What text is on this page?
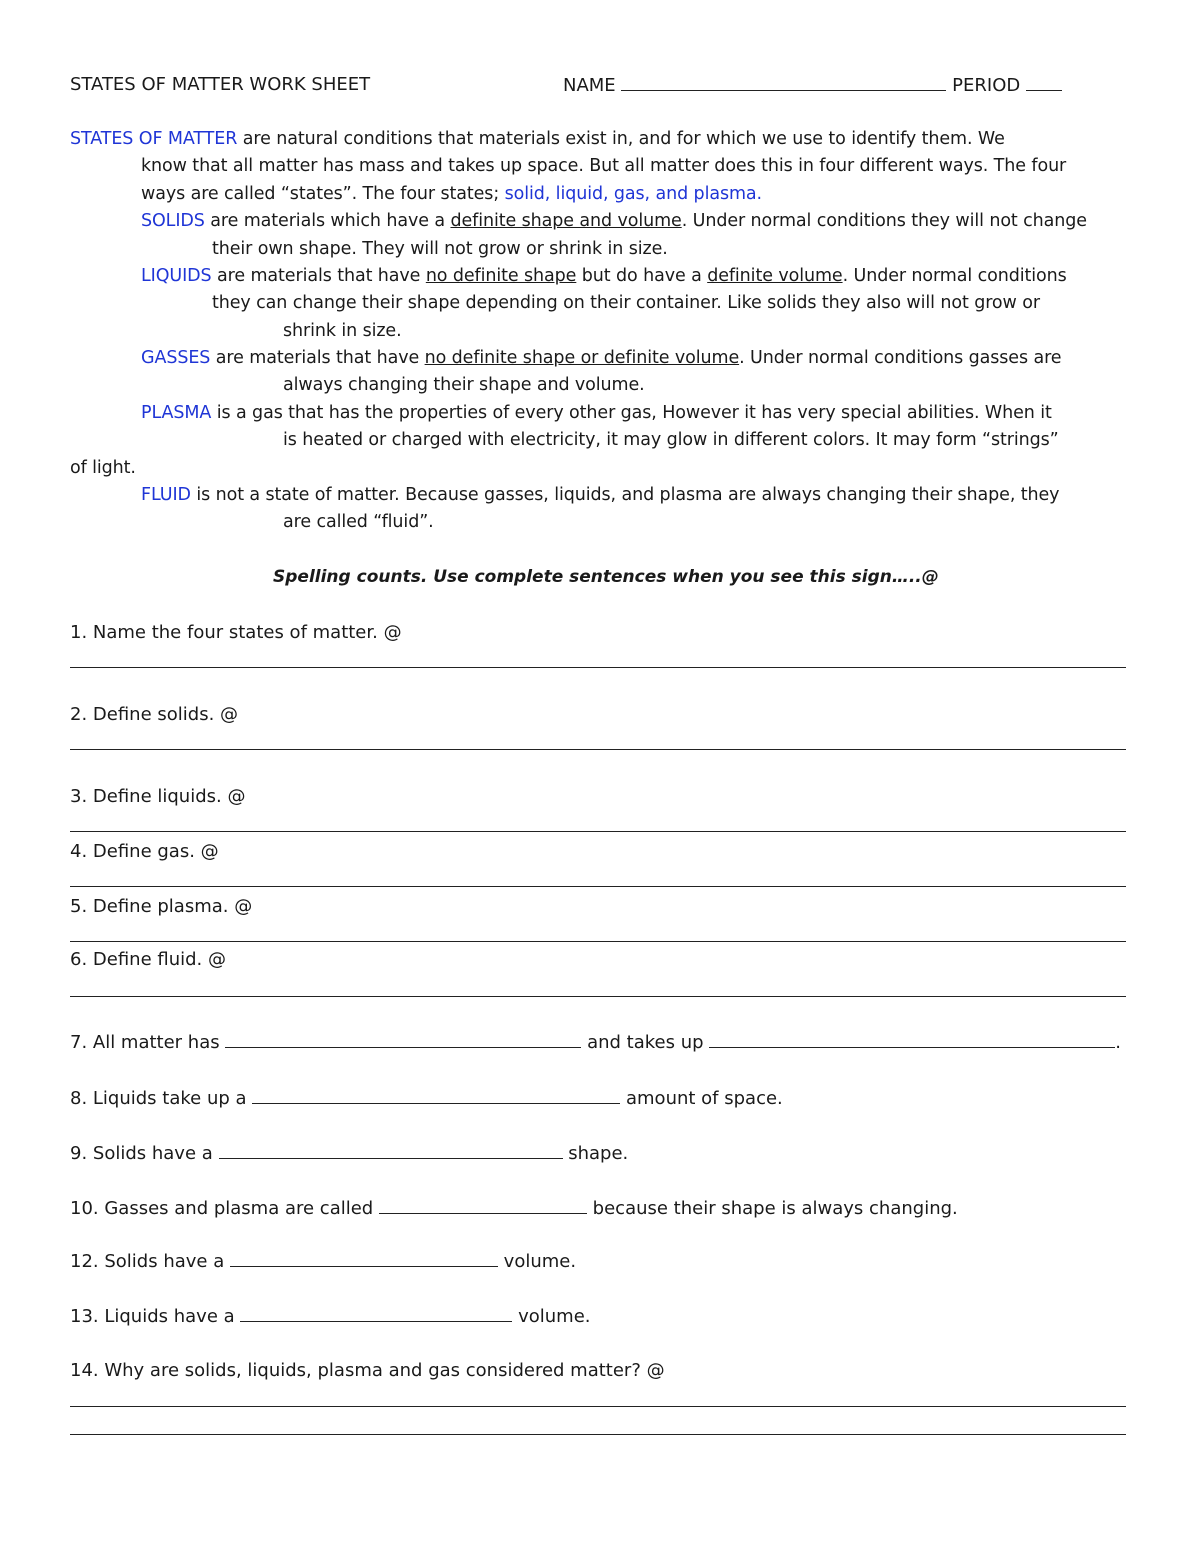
STATES OF MATTER WORK SHEET	NAME	PERIOD
STATES OF MATTER are natural conditions that materials exist in, and for which we use to identify them. We
know that all matter has mass and takes up space. But all matter does this in four different ways. The four
ways are called “states”. The four states; solid, liquid, gas, and plasma.
SOLIDS are materials which have a definite shape and volume. Under normal conditions they will not change
their own shape. They will not grow or shrink in size.
LIQUIDS are materials that have no definite shape but do have a definite volume. Under normal conditions
they can change their shape depending on their container. Like solids they also will not grow or
shrink in size.
GASSES are materials that have no definite shape or definite volume. Under normal conditions gasses are
always changing their shape and volume.
PLASMA is a gas that has the properties of every other gas, However it has very special abilities. When it
is heated or charged with electricity, it may glow in different colors. It may form “strings”
of light.
FLUID is not a state of matter. Because gasses, liquids, and plasma are always changing their shape, they
are called “fluid”.
Spelling counts. Use complete sentences when you see this sign…..@
1. Name the four states of matter. @
2. Define solids. @
3. Define liquids. @
4. Define gas. @
5. Define plasma. @
6. Define fluid. @
7. All matter has	and takes up	.
8. Liquids take up a	amount of space.
9. Solids have a	shape.
10. Gasses and plasma are called	because their shape is always changing.
12. Solids have a	volume.
13. Liquids have a	volume.
14. Why are solids, liquids, plasma and gas considered matter? @
